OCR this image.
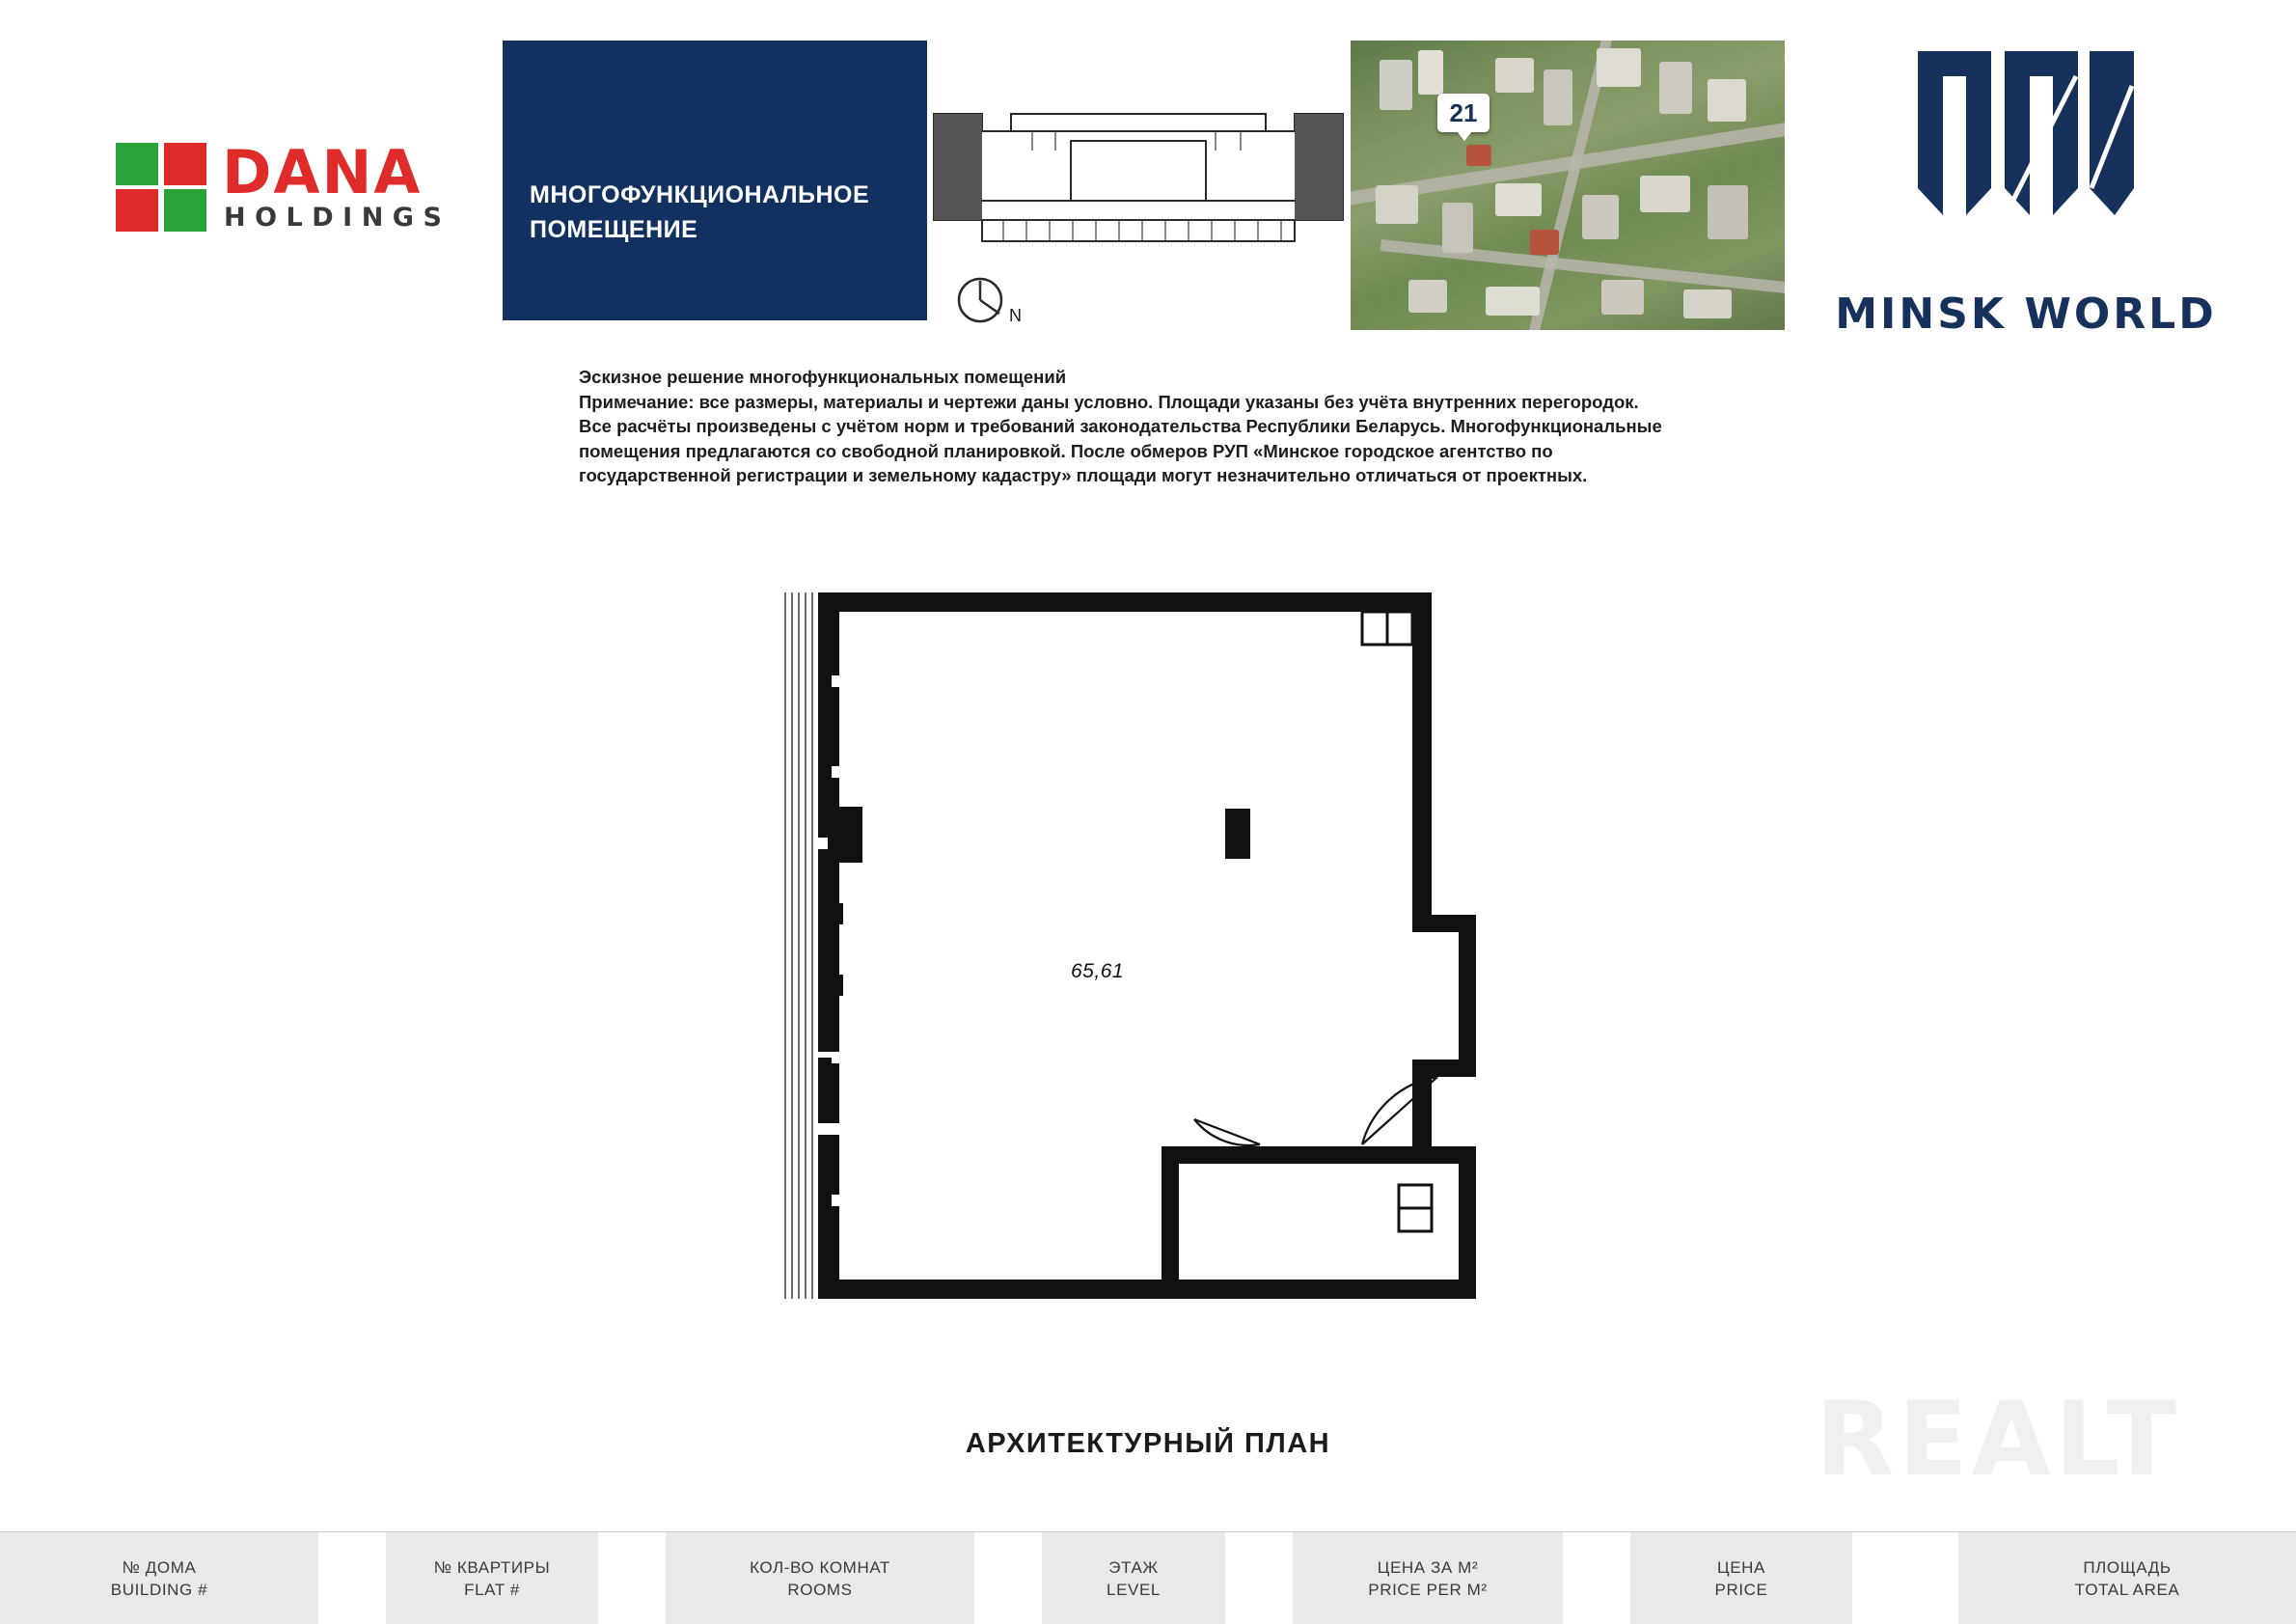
DANA
HOLDINGS
МНОГОФУНКЦИОНАЛЬНОЕ
ПОМЕЩЕНИЕ
N
21
MINSK WORLD

Эскизное решение многофункциональных помещений

Примечание: все размеры, материалы и чертежи даны условно. Площади указаны без учёта внутренних перегородок.

Все расчёты произведены с учётом норм и требований законодательства Республики Беларусь. Многофункциональные

помещения предлагаются со свободной планировкой. После обмеров РУП «Минское городское агентство по

государственной регистрации и земельному кадастру» площади могут незначительно отличаться от проектных.

65,61
REALT
АРХИТЕКТУРНЫЙ ПЛАН
№ ДОМА
BUILDING #
№ КВАРТИРЫ
FLAT #
КОЛ-ВО КОМНАТ
ROOMS
ЭТАЖ
LEVEL
ЦЕНА ЗА М²
PRICE PER M²
ЦЕНА
PRICE
ПЛОЩАДЬ
TOTAL AREA
